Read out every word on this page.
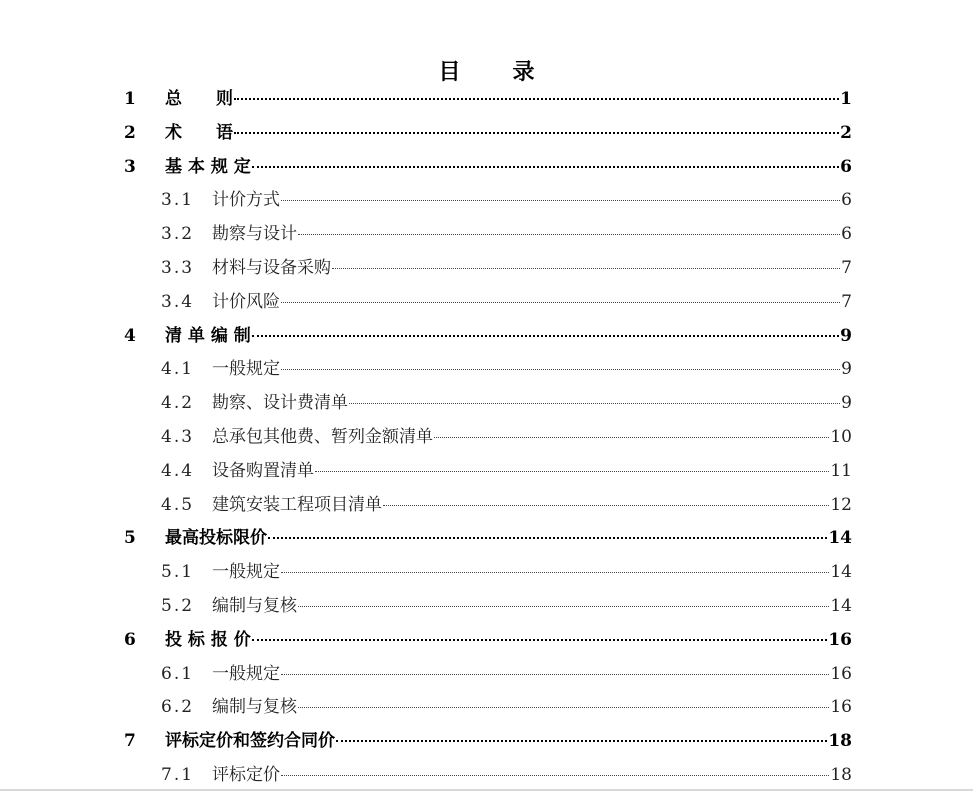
目 录
1	总　　则	1
2	术　　语	2
3	基 本 规 定	6
3.1	计价方式	6
3.2	勘察与设计	6
3.3	材料与设备采购	7
3.4	计价风险	7
4	清 单 编 制	9
4.1	一般规定	9
4.2	勘察、设计费清单	9
4.3	总承包其他费、暂列金额清单	10
4.4	设备购置清单	11
4.5	建筑安装工程项目清单	12
5	最高投标限价	14
5.1	一般规定	14
5.2	编制与复核	14
6	投 标 报 价	16
6.1	一般规定	16
6.2	编制与复核	16
7	评标定价和签约合同价	18
7.1	评标定价	18
